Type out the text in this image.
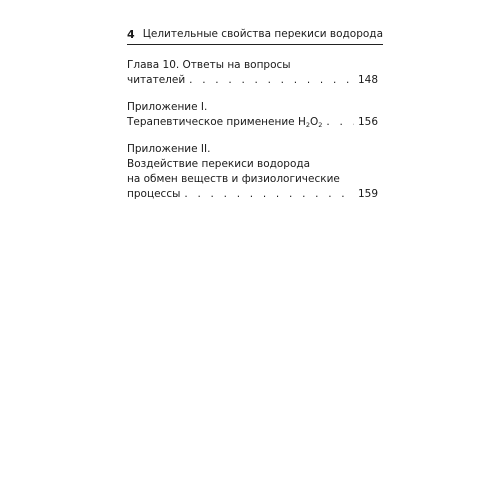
4 Целительные свойства перекиси водорода
Глава 10. Ответы на вопросы
читателей . . .	148
Приложение I.
Терапевтическое применение $H_2O_2$ . . .	156
Приложение II.
Воздействие перекиси водорода
на обмен веществ и физиологические
процессы . . .	159
